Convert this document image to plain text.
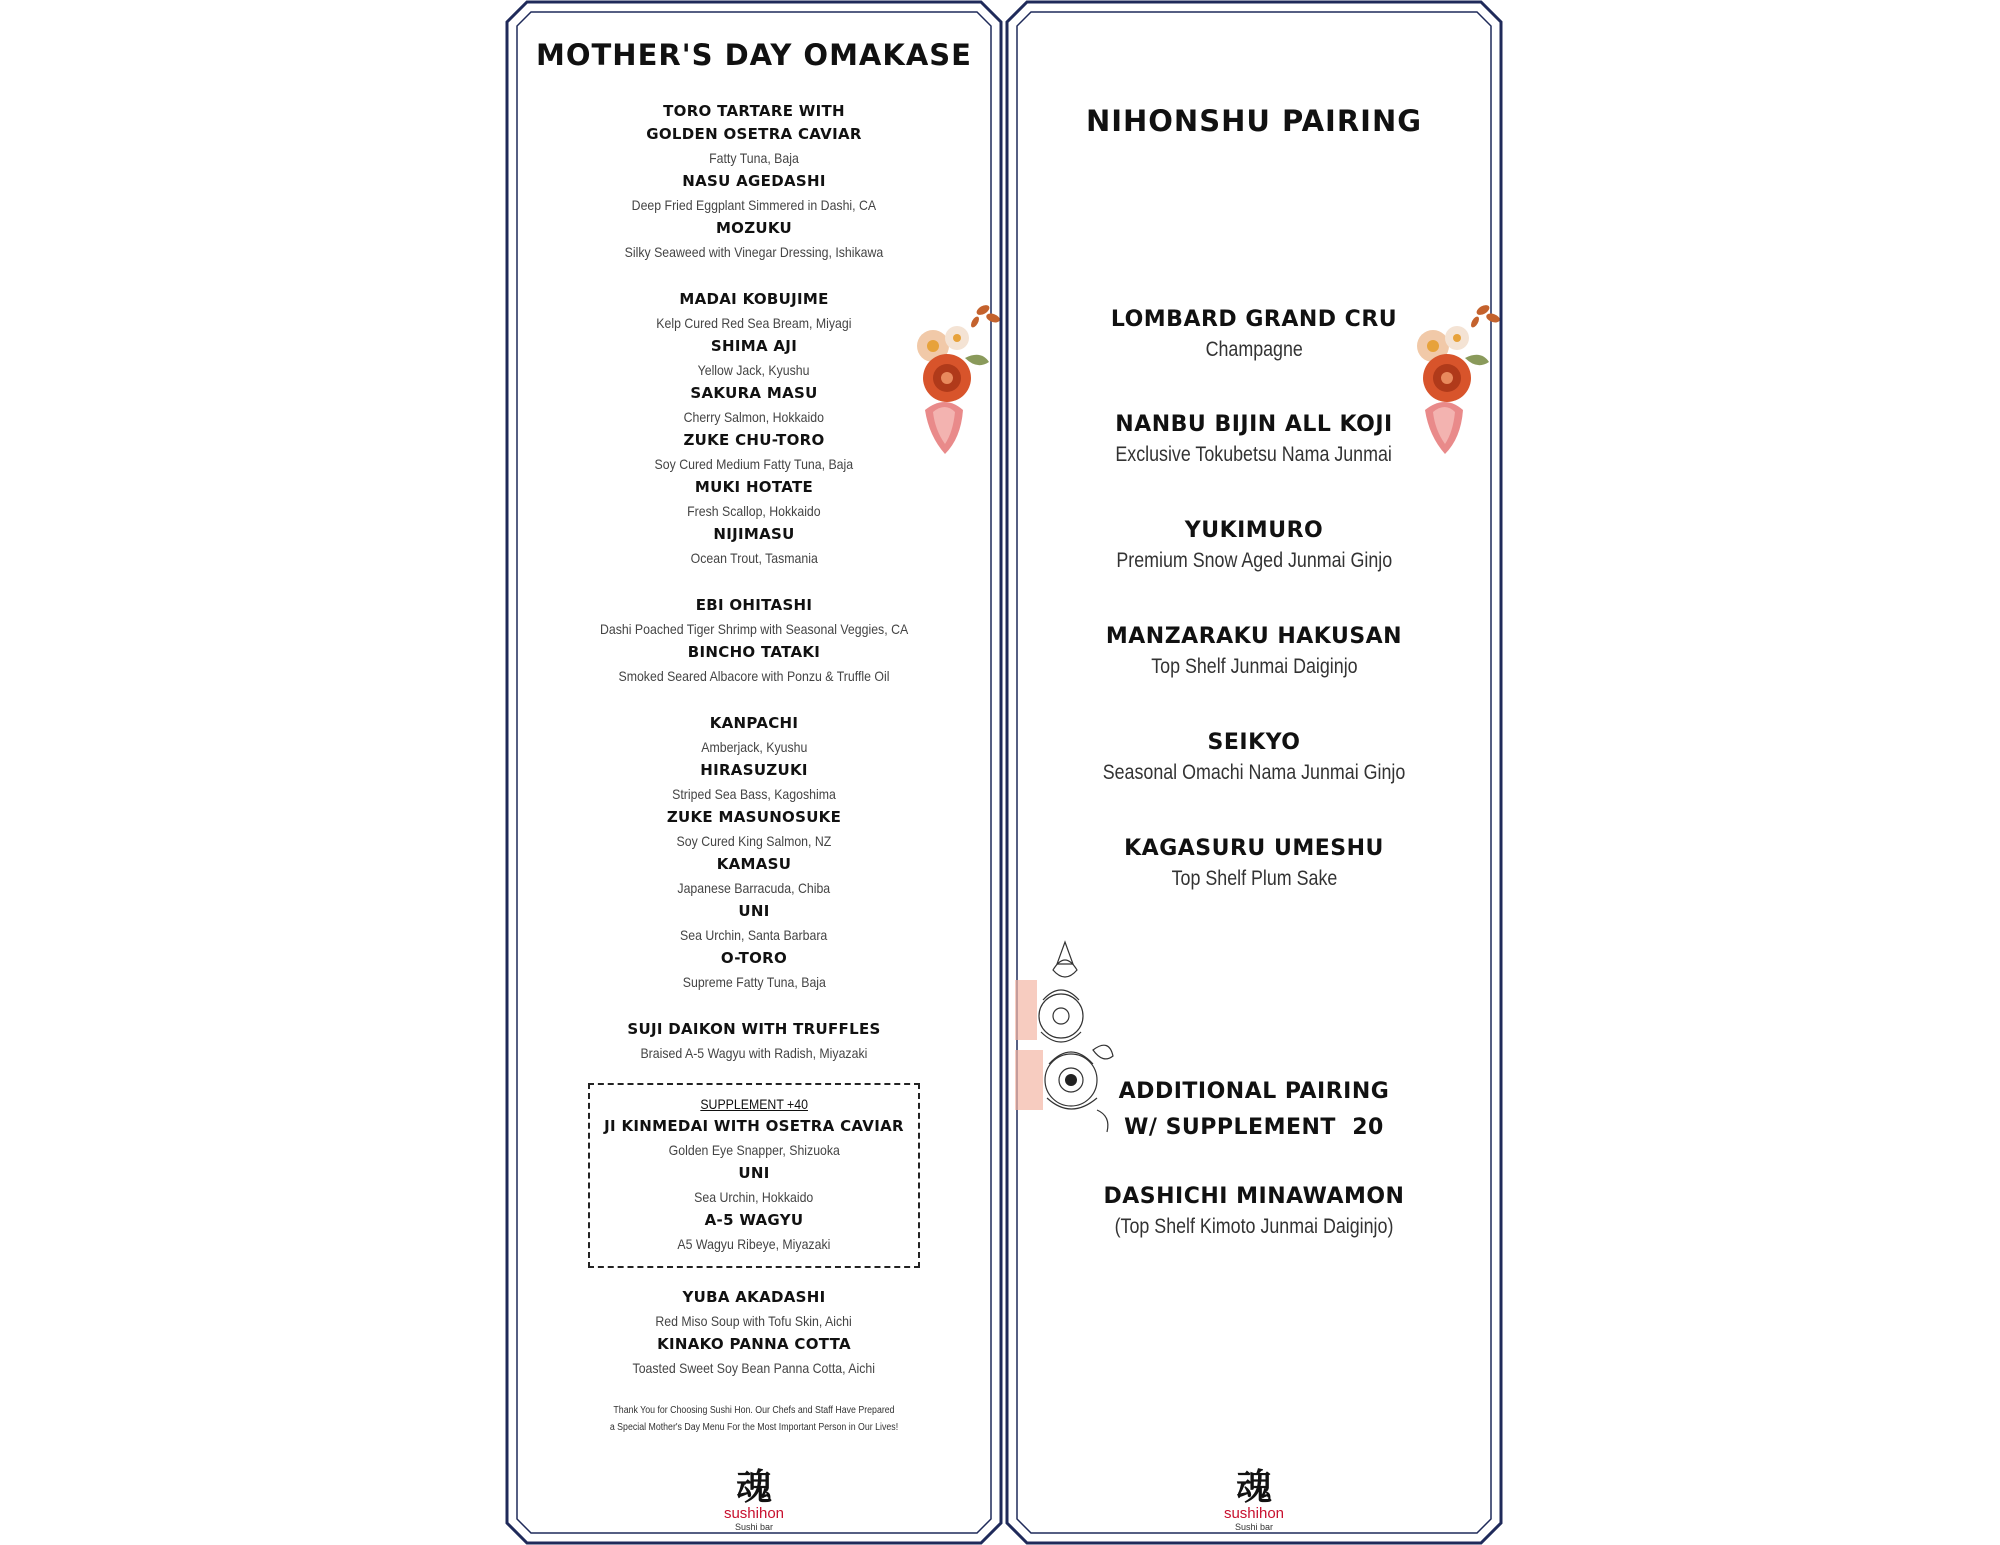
MOTHER'S DAY OMAKASE
TORO TARTARE WITH
GOLDEN OSETRA CAVIAR
Fatty Tuna, Baja
NASU AGEDASHI
Deep Fried Eggplant Simmered in Dashi, CA
MOZUKU
Silky Seaweed with Vinegar Dressing, Ishikawa
MADAI KOBUJIME
Kelp Cured Red Sea Bream, Miyagi
SHIMA AJI
Yellow Jack, Kyushu
SAKURA MASU
Cherry Salmon, Hokkaido
ZUKE CHU-TORO
Soy Cured Medium Fatty Tuna, Baja
MUKI HOTATE
Fresh Scallop, Hokkaido
NIJIMASU
Ocean Trout, Tasmania
EBI OHITASHI
Dashi Poached Tiger Shrimp with Seasonal Veggies, CA
BINCHO TATAKI
Smoked Seared Albacore with Ponzu & Truffle Oil
KANPACHI
Amberjack, Kyushu
HIRASUZUKI
Striped Sea Bass, Kagoshima
ZUKE MASUNOSUKE
Soy Cured King Salmon, NZ
KAMASU
Japanese Barracuda, Chiba
UNI
Sea Urchin, Santa Barbara
O-TORO
Supreme Fatty Tuna, Baja
SUJI DAIKON WITH TRUFFLES
Braised A-5 Wagyu with Radish, Miyazaki
SUPPLEMENT +40
JI KINMEDAI WITH OSETRA CAVIAR
Golden Eye Snapper, Shizuoka
UNI
Sea Urchin, Hokkaido
A-5 WAGYU
A5 Wagyu Ribeye, Miyazaki
YUBA AKADASHI
Red Miso Soup with Tofu Skin, Aichi
KINAKO PANNA COTTA
Toasted Sweet Soy Bean Panna Cotta, Aichi
Thank You for Choosing Sushi Hon. Our Chefs and Staff Have Prepared
a Special Mother's Day Menu For the Most Important Person in Our Lives!
魂
sushihon
Sushi bar
NIHONSHU PAIRING
LOMBARD GRAND CRU
Champagne
NANBU BIJIN ALL KOJI
Exclusive Tokubetsu Nama Junmai
YUKIMURO
Premium Snow Aged Junmai Ginjo
MANZARAKU HAKUSAN
Top Shelf Junmai Daiginjo
SEIKYO
Seasonal Omachi Nama Junmai Ginjo
KAGASURU UMESHU
Top Shelf Plum Sake
ADDITIONAL PAIRING
W/ SUPPLEMENT  20
DASHICHI MINAWAMON
(Top Shelf Kimoto Junmai Daiginjo)
魂
sushihon
Sushi bar
